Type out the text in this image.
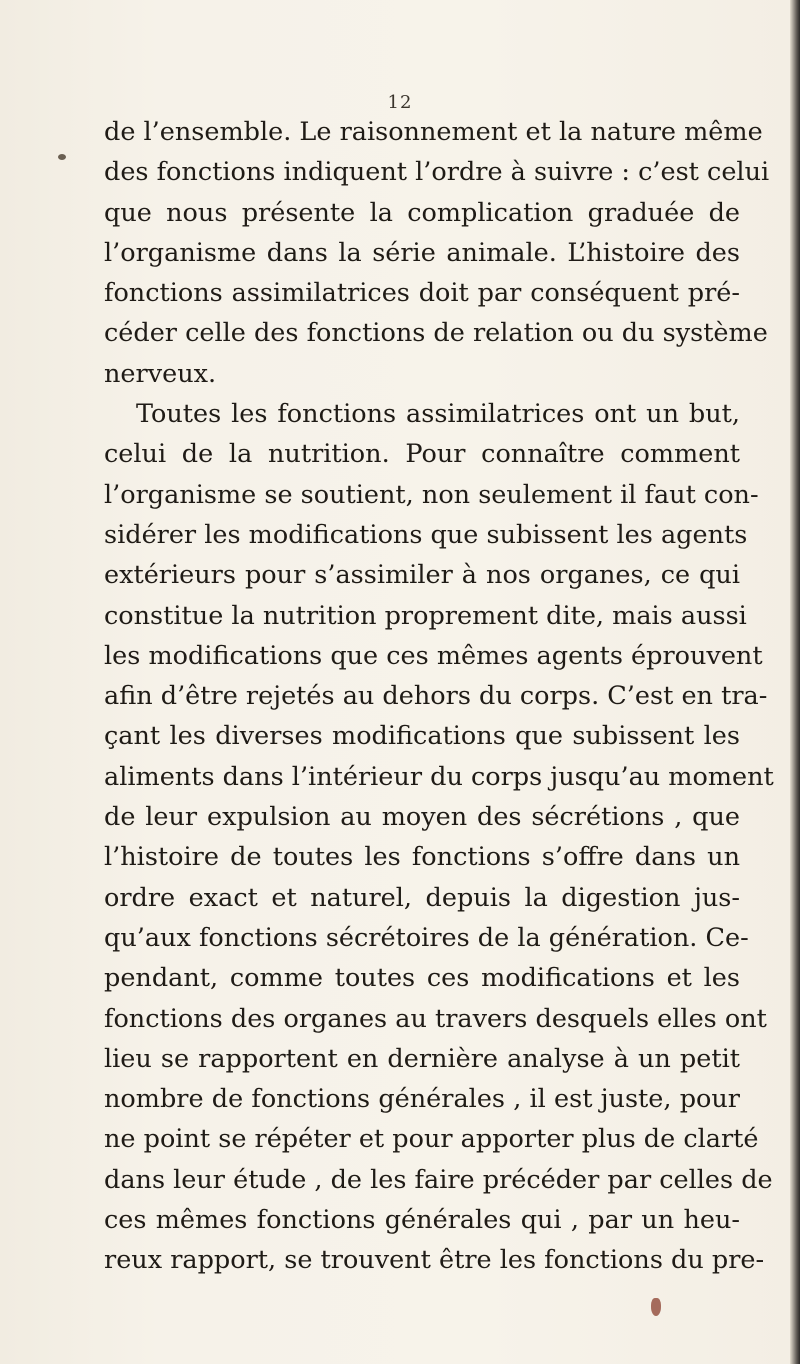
12
de l’ensemble. Le raisonnement et la nature même
des fonctions indiquent l’ordre à suivre : c’est celui
que nous présente la complication graduée de
l’organisme dans la série animale. L’histoire des
fonctions assimilatrices doit par conséquent pré-
céder celle des fonctions de relation ou du système
nerveux.
Toutes les fonctions assimilatrices ont un but,
celui de la nutrition. Pour connaître comment
l’organisme se soutient, non seulement il faut con-
sidérer les modifications que subissent les agents
extérieurs pour s’assimiler à nos organes, ce qui
constitue la nutrition proprement dite, mais aussi
les modifications que ces mêmes agents éprouvent
afin d’être rejetés au dehors du corps. C’est en tra-
çant les diverses modifications que subissent les
aliments dans l’intérieur du corps jusqu’au moment
de leur expulsion au moyen des sécrétions , que
l’histoire de toutes les fonctions s’offre dans un
ordre exact et naturel, depuis la digestion jus-
qu’aux fonctions sécrétoires de la génération. Ce-
pendant, comme toutes ces modifications et les
fonctions des organes au travers desquels elles ont
lieu se rapportent en dernière analyse à un petit
nombre de fonctions générales , il est juste, pour
ne point se répéter et pour apporter plus de clarté
dans leur étude , de les faire précéder par celles de
ces mêmes fonctions générales qui , par un heu-
reux rapport, se trouvent être les fonctions du pre-
